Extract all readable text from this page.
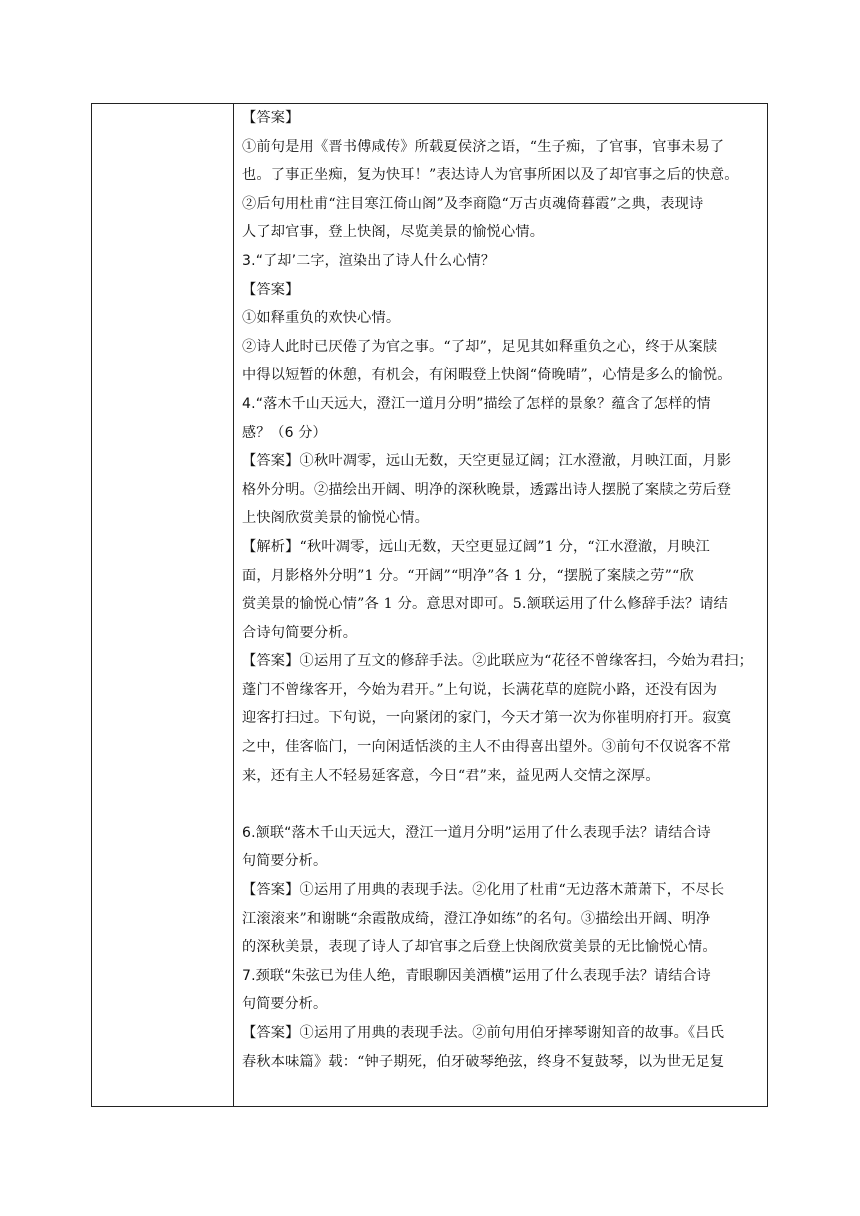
【答案】
①前句是用《晋书傅咸传》所载夏侯济之语，“生子痴，了官事，官事未易了
也。了事正坐痴，复为快耳！”表达诗人为官事所困以及了却官事之后的快意。
②后句用杜甫“注目寒江倚山阁”及李商隐“万古贞魂倚暮霞”之典，表现诗
人了却官事，登上快阁，尽览美景的愉悦心情。
3.“了却’二字，渲染出了诗人什么心情？
【答案】
①如释重负的欢快心情。
②诗人此时已厌倦了为官之事。“了却”，足见其如释重负之心，终于从案牍
中得以短暂的休憩，有机会，有闲暇登上快阁“倚晚晴”，心情是多么的愉悦。
4.“落木千山天远大，澄江一道月分明”描绘了怎样的景象？蕴含了怎样的情
感？（6 分）
【答案】①秋叶凋零，远山无数，天空更显辽阔；江水澄澈，月映江面，月影
格外分明。②描绘出开阔、明净的深秋晚景，透露出诗人摆脱了案牍之劳后登
上快阁欣赏美景的愉悦心情。
【解析】“秋叶凋零，远山无数，天空更显辽阔”1 分，“江水澄澈，月映江
面，月影格外分明”1 分。“开阔”“明净”各 1 分，“摆脱了案牍之劳”“欣
赏美景的愉悦心情”各 1 分。意思对即可。5.颔联运用了什么修辞手法？请结
合诗句简要分析。
【答案】①运用了互文的修辞手法。②此联应为“花径不曾缘客扫，今始为君扫；
蓬门不曾缘客开，今始为君开。”上句说，长满花草的庭院小路，还没有因为
迎客打扫过。下句说，一向紧闭的家门，今天才第一次为你崔明府打开。寂寞
之中，佳客临门，一向闲适恬淡的主人不由得喜出望外。③前句不仅说客不常
来，还有主人不轻易延客意，今日“君”来，益见两人交情之深厚。
6.颔联“落木千山天远大，澄江一道月分明”运用了什么表现手法？请结合诗
句简要分析。
【答案】①运用了用典的表现手法。②化用了杜甫“无边落木萧萧下，不尽长
江滚滚来”和谢眺“余霞散成绮，澄江净如练”的名句。③描绘出开阔、明净
的深秋美景，表现了诗人了却官事之后登上快阁欣赏美景的无比愉悦心情。
7.颈联“朱弦已为佳人绝，青眼聊因美酒横”运用了什么表现手法？请结合诗
句简要分析。
【答案】①运用了用典的表现手法。②前句用伯牙摔琴谢知音的故事。《吕氏
春秋本味篇》载：“钟子期死，伯牙破琴绝弦，终身不复鼓琴，以为世无足复
